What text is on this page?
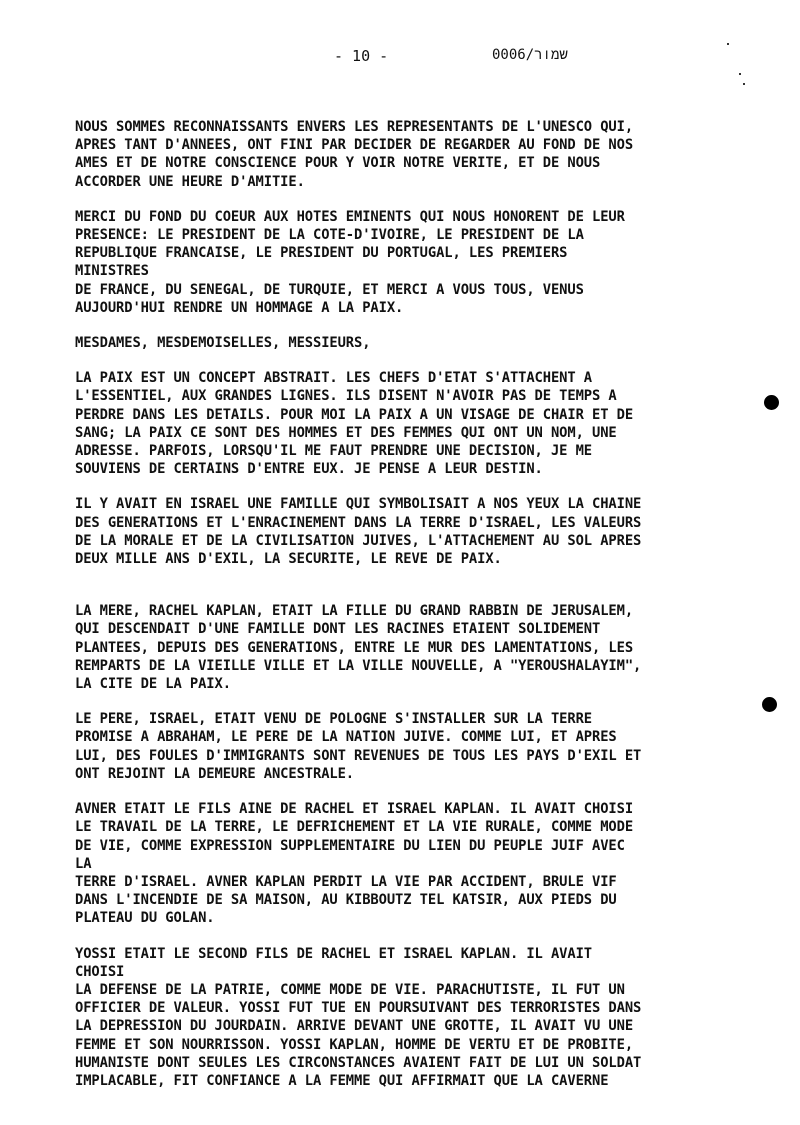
- 10 -	שמור/0006

NOUS SOMMES RECONNAISSANTS ENVERS LES REPRESENTANTS DE L'UNESCO QUI,
APRES TANT D'ANNEES, ONT FINI PAR DECIDER DE REGARDER AU FOND DE NOS
AMES ET DE NOTRE CONSCIENCE POUR Y VOIR NOTRE VERITE, ET DE NOUS
ACCORDER UNE HEURE D'AMITIE.

MERCI DU FOND DU COEUR AUX HOTES EMINENTS QUI NOUS HONORENT DE LEUR
PRESENCE: LE PRESIDENT DE LA COTE-D'IVOIRE, LE PRESIDENT DE LA
REPUBLIQUE FRANCAISE, LE PRESIDENT DU PORTUGAL, LES PREMIERS MINISTRES
DE FRANCE, DU SENEGAL, DE TURQUIE, ET MERCI A VOUS TOUS, VENUS
AUJOURD'HUI RENDRE UN HOMMAGE A LA PAIX.

MESDAMES, MESDEMOISELLES, MESSIEURS,

LA PAIX EST UN CONCEPT ABSTRAIT. LES CHEFS D'ETAT S'ATTACHENT A
L'ESSENTIEL, AUX GRANDES LIGNES. ILS DISENT N'AVOIR PAS DE TEMPS A
PERDRE DANS LES DETAILS. POUR MOI LA PAIX A UN VISAGE DE CHAIR ET DE
SANG; LA PAIX CE SONT DES HOMMES ET DES FEMMES QUI ONT UN NOM, UNE
ADRESSE. PARFOIS, LORSQU'IL ME FAUT PRENDRE UNE DECISION, JE ME
SOUVIENS DE CERTAINS D'ENTRE EUX. JE PENSE A LEUR DESTIN.

IL Y AVAIT EN ISRAEL UNE FAMILLE QUI SYMBOLISAIT A NOS YEUX LA CHAINE
DES GENERATIONS ET L'ENRACINEMENT DANS LA TERRE D'ISRAEL, LES VALEURS
DE LA MORALE ET DE LA CIVILISATION JUIVES, L'ATTACHEMENT AU SOL APRES
DEUX MILLE ANS D'EXIL, LA SECURITE, LE REVE DE PAIX.

LA MERE, RACHEL KAPLAN, ETAIT LA FILLE DU GRAND RABBIN DE JERUSALEM,
QUI DESCENDAIT D'UNE FAMILLE DONT LES RACINES ETAIENT SOLIDEMENT
PLANTEES, DEPUIS DES GENERATIONS, ENTRE LE MUR DES LAMENTATIONS, LES
REMPARTS DE LA VIEILLE VILLE ET LA VILLE NOUVELLE, A "YEROUSHALAYIM",
LA CITE DE LA PAIX.

LE PERE, ISRAEL, ETAIT VENU DE POLOGNE S'INSTALLER SUR LA TERRE
PROMISE A ABRAHAM, LE PERE DE LA NATION JUIVE. COMME LUI, ET APRES
LUI, DES FOULES D'IMMIGRANTS SONT REVENUES DE TOUS LES PAYS D'EXIL ET
ONT REJOINT LA DEMEURE ANCESTRALE.

AVNER ETAIT LE FILS AINE DE RACHEL ET ISRAEL KAPLAN. IL AVAIT CHOISI
LE TRAVAIL DE LA TERRE, LE DEFRICHEMENT ET LA VIE RURALE, COMME MODE
DE VIE, COMME EXPRESSION SUPPLEMENTAIRE DU LIEN DU PEUPLE JUIF AVEC LA
TERRE D'ISRAEL. AVNER KAPLAN PERDIT LA VIE PAR ACCIDENT, BRULE VIF
DANS L'INCENDIE DE SA MAISON, AU KIBBOUTZ TEL KATSIR, AUX PIEDS DU
PLATEAU DU GOLAN.

YOSSI ETAIT LE SECOND FILS DE RACHEL ET ISRAEL KAPLAN. IL AVAIT CHOISI
LA DEFENSE DE LA PATRIE, COMME MODE DE VIE. PARACHUTISTE, IL FUT UN
OFFICIER DE VALEUR. YOSSI FUT TUE EN POURSUIVANT DES TERRORISTES DANS
LA DEPRESSION DU JOURDAIN. ARRIVE DEVANT UNE GROTTE, IL AVAIT VU UNE
FEMME ET SON NOURRISSON. YOSSI KAPLAN, HOMME DE VERTU ET DE PROBITE,
HUMANISTE DONT SEULES LES CIRCONSTANCES AVAIENT FAIT DE LUI UN SOLDAT
IMPLACABLE, FIT CONFIANCE A LA FEMME QUI AFFIRMAIT QUE LA CAVERNE
